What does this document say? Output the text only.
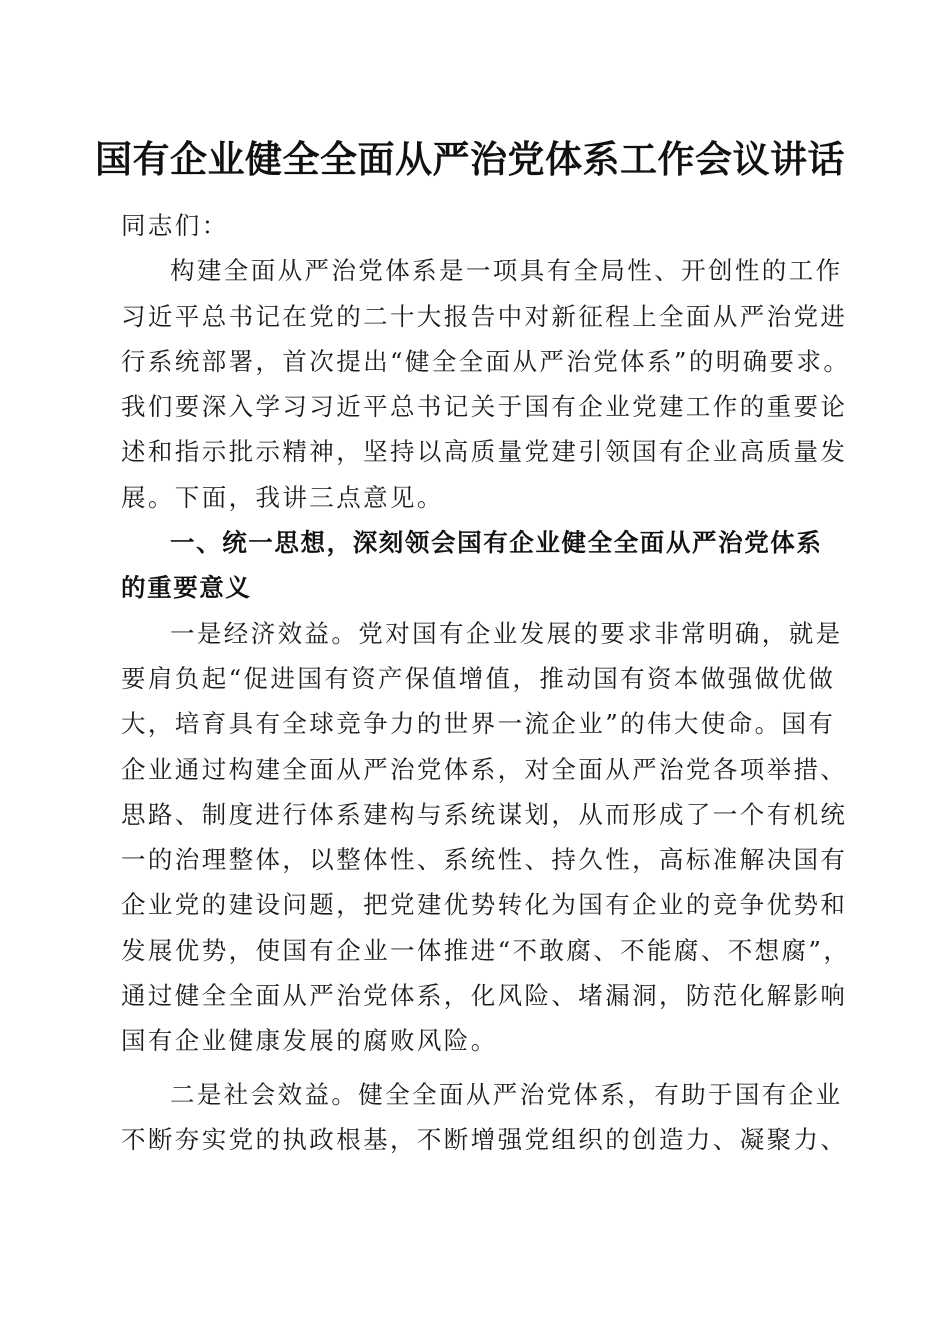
国有企业健全全面从严治党体系工作会议讲话
同志们：
构建全面从严治党体系是一项具有全局性、开创性的工作
习近平总书记在党的二十大报告中对新征程上全面从严治党进
行系统部署，首次提出“健全全面从严治党体系”的明确要求。
我们要深入学习习近平总书记关于国有企业党建工作的重要论
述和指示批示精神，坚持以高质量党建引领国有企业高质量发
展。下面，我讲三点意见。
一、统一思想，深刻领会国有企业健全全面从严治党体系
的重要意义
一是经济效益。党对国有企业发展的要求非常明确，就是
要肩负起“促进国有资产保值增值，推动国有资本做强做优做
大，培育具有全球竞争力的世界一流企业”的伟大使命。国有
企业通过构建全面从严治党体系，对全面从严治党各项举措、
思路、制度进行体系建构与系统谋划，从而形成了一个有机统
一的治理整体，以整体性、系统性、持久性，高标准解决国有
企业党的建设问题，把党建优势转化为国有企业的竞争优势和
发展优势，使国有企业一体推进“不敢腐、不能腐、不想腐”，
通过健全全面从严治党体系，化风险、堵漏洞，防范化解影响
国有企业健康发展的腐败风险。
二是社会效益。健全全面从严治党体系，有助于国有企业
不断夯实党的执政根基，不断增强党组织的创造力、凝聚力、
